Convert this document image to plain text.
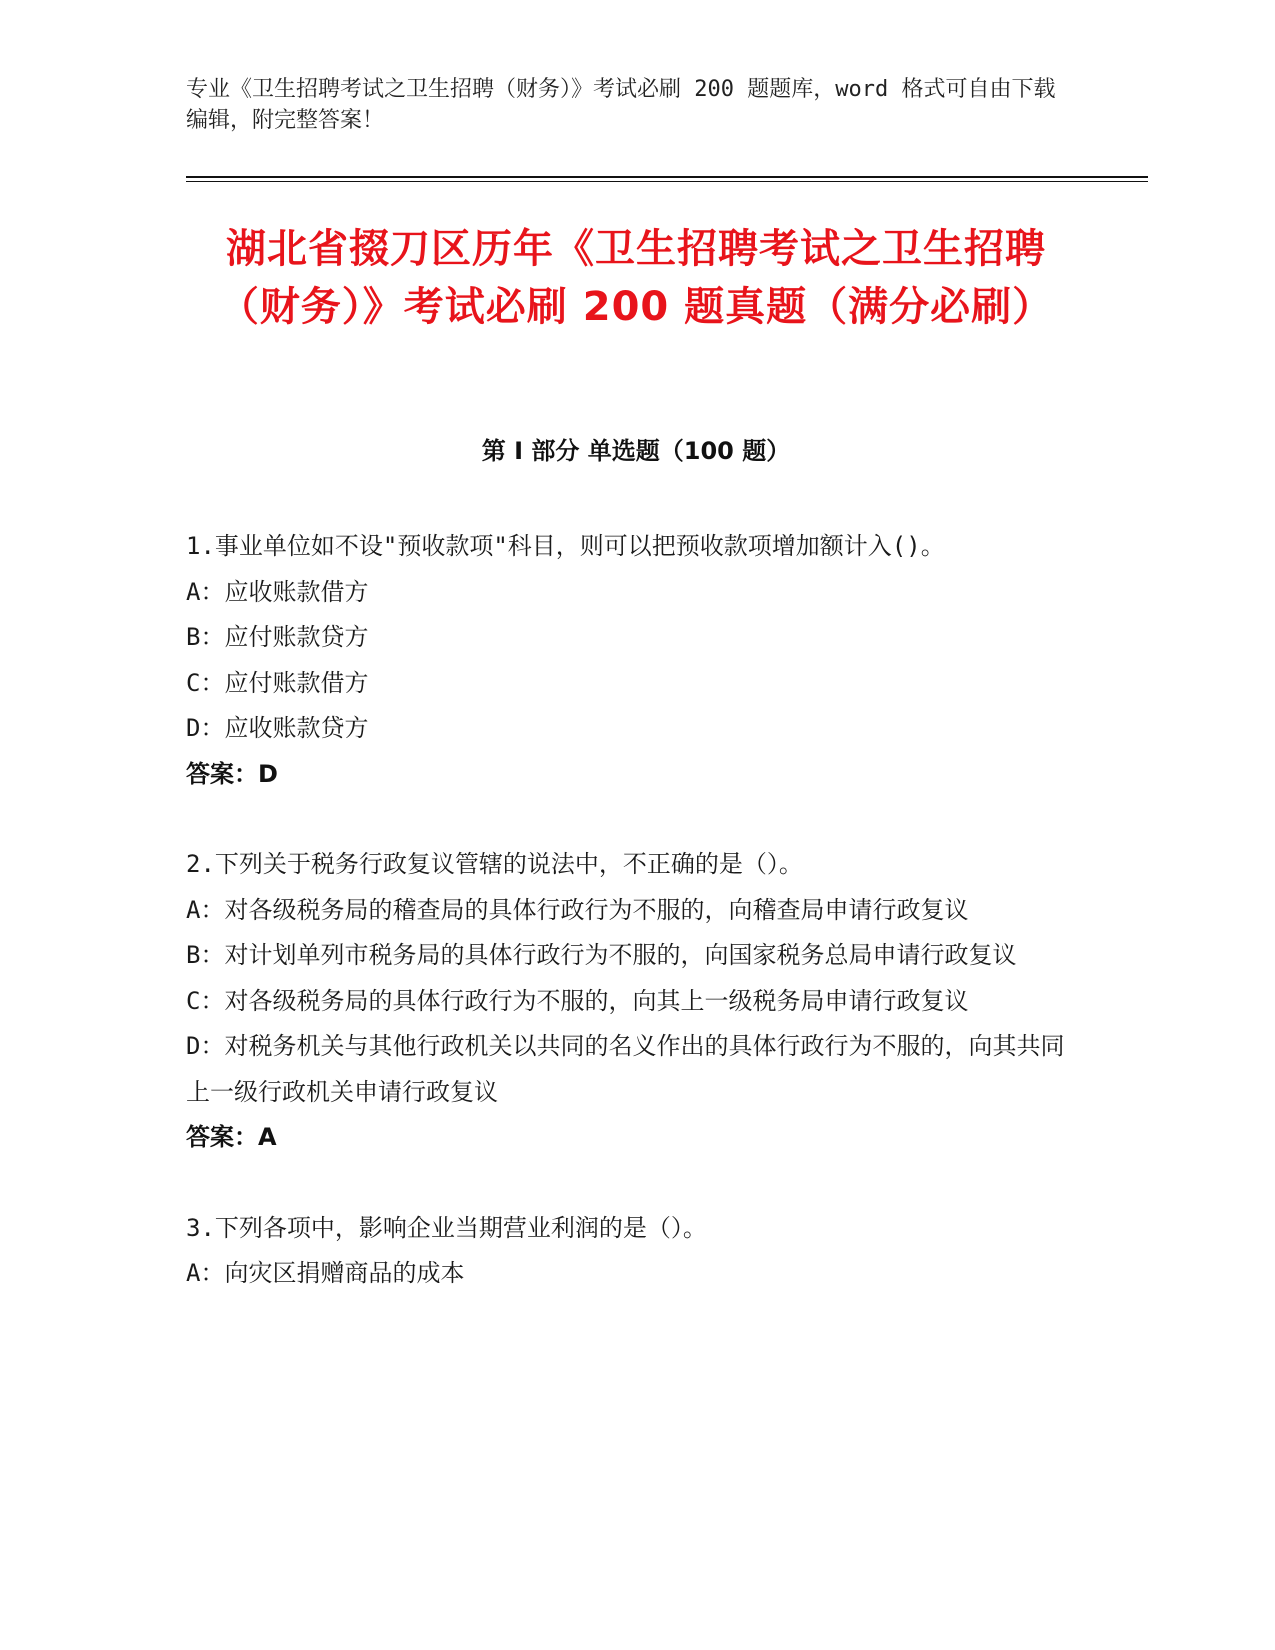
专业《卫生招聘考试之卫生招聘（财务）》考试必刷 200 题题库，word 格式可自由下载编辑，附完整答案！
湖北省掇刀区历年《卫生招聘考试之卫生招聘（财务）》考试必刷 200 题真题（满分必刷）
第 I 部分 单选题（100 题）

1.事业单位如不设"预收款项"科目，则可以把预收款项增加额计入()。

A：应收账款借方

B：应付账款贷方

C：应付账款借方

D：应收账款贷方

答案：D

2.下列关于税务行政复议管辖的说法中，不正确的是（）。

A：对各级税务局的稽查局的具体行政行为不服的，向稽查局申请行政复议

B：对计划单列市税务局的具体行政行为不服的，向国家税务总局申请行政复议

C：对各级税务局的具体行政行为不服的，向其上一级税务局申请行政复议

D：对税务机关与其他行政机关以共同的名义作出的具体行政行为不服的，向其共同上一级行政机关申请行政复议

答案：A

3.下列各项中，影响企业当期营业利润的是（）。

A：向灾区捐赠商品的成本
